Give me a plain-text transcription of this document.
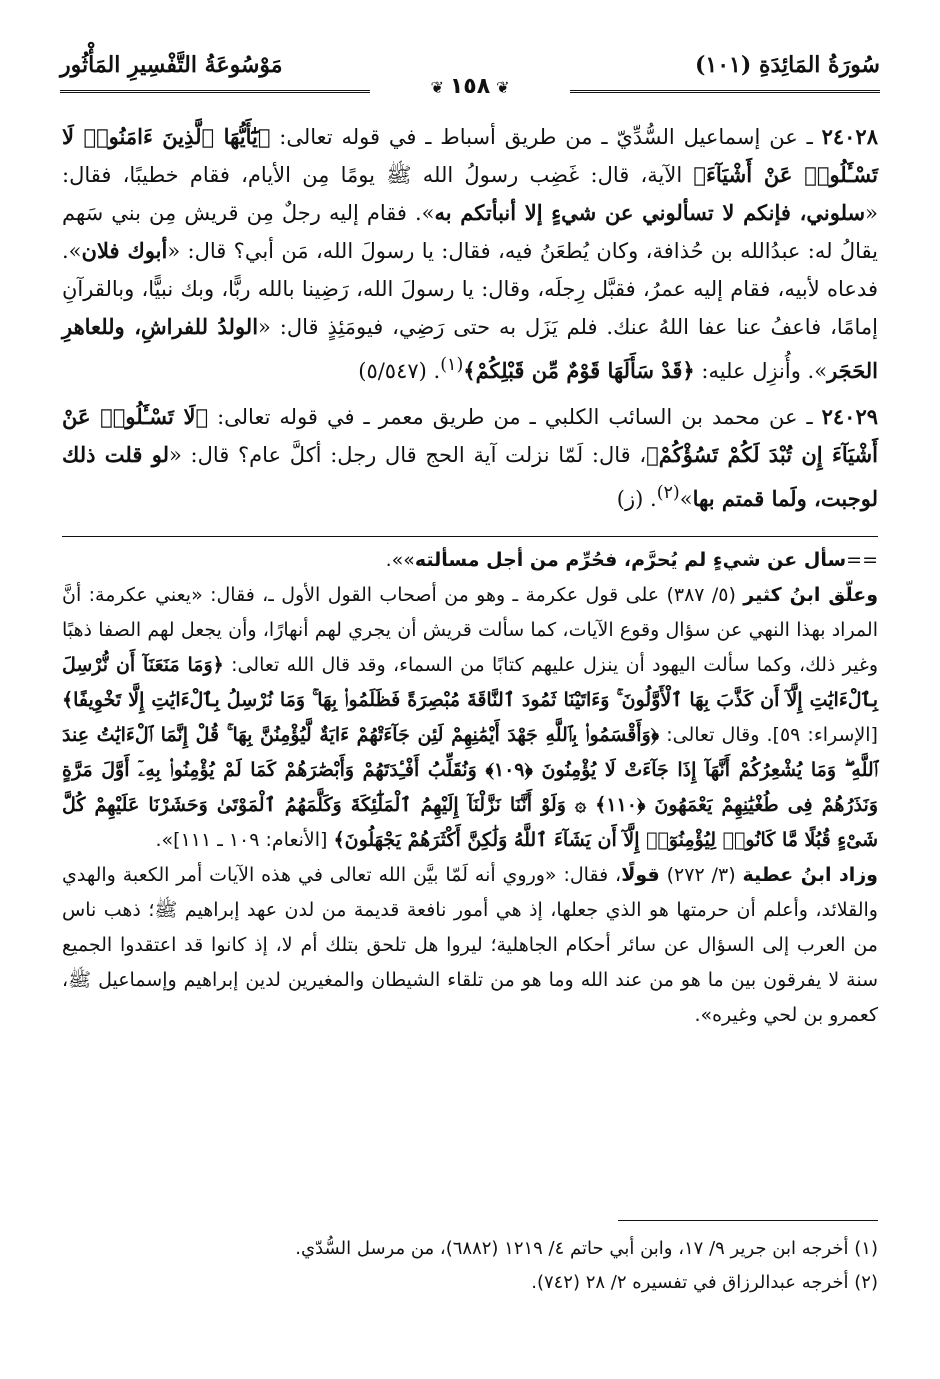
سُورَةُ المَائِدَةِ (١٠١)
مَوْسُوعَةُ التَّفْسِيرِ المَأْثُور
❦١٥٨❦

٢٤٠٢٨ ـ عن إسماعيل السُّدِّيّ ـ من طريق أسباط ـ في قوله تعالى: ﴿يَٰٓأَيُّهَا ٱلَّذِينَ ءَامَنُوا۟ لَا تَسْـَٔلُوا۟ عَنْ أَشْيَآءَ﴾ الآية، قال: غَضِب رسولُ الله ﷺ يومًا مِن الأيام، فقام خطيبًا، فقال: «سلوني، فإنكم لا تسألوني عن شيءٍ إلا أنبأتكم به». فقام إليه رجلٌ مِن قريش مِن بني سَهم يقالُ له: عبدُالله بن حُذافة، وكان يُطعَنُ فيه، فقال: يا رسولَ الله، مَن أبي؟ قال: «أبوك فلان». فدعاه لأبيه، فقام إليه عمرُ، فقبَّل رِجلَه، وقال: يا رسولَ الله، رَضِينا بالله ربًّا، وبك نبيًّا، وبالقرآنِ إمامًا، فاعفُ عنا عفا اللهُ عنك. فلم يَزَل به حتى رَضِي، فيومَئِذٍ قال: «الولدُ للفراشِ، وللعاهرِ الحَجَر». وأُنزِل عليه: ﴿قَدْ سَأَلَهَا قَوْمٌ مِّن قَبْلِكُمْ﴾$^{(١)}$. (٥/٥٤٧)

٢٤٠٢٩ ـ عن محمد بن السائب الكلبي ـ من طريق معمر ـ في قوله تعالى: ﴿لَا تَسْـَٔلُوا۟ عَنْ أَشْيَآءَ إِن تُبْدَ لَكُمْ تَسُؤْكُمْ﴾، قال: لَمّا نزلت آية الحج قال رجل: أكلَّ عام؟ قال: «لو قلت ذلك لوجبت، ولَما قمتم بها»$^{(٢)}$. (ز)

==سأل عن شيءٍ لم يُحرَّم، فحُرِّم من أجل مسألته»».

وعلّق ابنُ كثير (٥/ ٣٨٧) على قول عكرمة ـ وهو من أصحاب القول الأول ـ، فقال: «يعني عكرمة: أنَّ المراد بهذا النهي عن سؤال وقوع الآيات، كما سألت قريش أن يجري لهم أنهارًا، وأن يجعل لهم الصفا ذهبًا وغير ذلك، وكما سألت اليهود أن ينزل عليهم كتابًا من السماء، وقد قال الله تعالى: ﴿وَمَا مَنَعَنَآ أَن نُّرْسِلَ بِٱلْءَايَٰتِ إِلَّآ أَن كَذَّبَ بِهَا ٱلْأَوَّلُونَ ۚ وَءَاتَيْنَا ثَمُودَ ٱلنَّاقَةَ مُبْصِرَةً فَظَلَمُوا۟ بِهَا ۚ وَمَا نُرْسِلُ بِٱلْءَايَٰتِ إِلَّا تَخْوِيفًا﴾ [الإسراء: ٥٩]. وقال تعالى: ﴿وَأَقْسَمُوا۟ بِٱللَّهِ جَهْدَ أَيْمَٰنِهِمْ لَئِن جَآءَتْهُمْ ءَايَةٌ لَّيُؤْمِنُنَّ بِهَا ۚ قُلْ إِنَّمَا ٱلْءَايَٰتُ عِندَ ٱللَّهِ ۖ وَمَا يُشْعِرُكُمْ أَنَّهَآ إِذَا جَآءَتْ لَا يُؤْمِنُونَ ﴿١٠٩﴾ وَنُقَلِّبُ أَفْـِٔدَتَهُمْ وَأَبْصَٰرَهُمْ كَمَا لَمْ يُؤْمِنُوا۟ بِهِۦٓ أَوَّلَ مَرَّةٍ وَنَذَرُهُمْ فِى طُغْيَٰنِهِمْ يَعْمَهُونَ ﴿١١٠﴾ ۞ وَلَوْ أَنَّنَا نَزَّلْنَآ إِلَيْهِمُ ٱلْمَلَٰٓئِكَةَ وَكَلَّمَهُمُ ٱلْمَوْتَىٰ وَحَشَرْنَا عَلَيْهِمْ كُلَّ شَىْءٍ قُبُلًا مَّا كَانُوا۟ لِيُؤْمِنُوٓا۟ إِلَّآ أَن يَشَآءَ ٱللَّهُ وَلَٰكِنَّ أَكْثَرَهُمْ يَجْهَلُونَ﴾ [الأنعام: ١٠٩ ـ ١١١]».

وزاد ابنُ عطية (٣/ ٢٧٢) قولًا، فقال: «وروي أنه لَمّا بيَّن الله تعالى في هذه الآيات أمر الكعبة والهدي والقلائد، وأعلم أن حرمتها هو الذي جعلها، إذ هي أمور نافعة قديمة من لدن عهد إبراهيم ﷺ؛ ذهب ناس من العرب إلى السؤال عن سائر أحكام الجاهلية؛ ليروا هل تلحق بتلك أم لا، إذ كانوا قد اعتقدوا الجميع سنة لا يفرقون بين ما هو من عند الله وما هو من تلقاء الشيطان والمغيرين لدين إبراهيم وإسماعيل ﷺ، كعمرو بن لحي وغيره».

(١) أخرجه ابن جرير ٩/ ١٧، وابن أبي حاتم ٤/ ١٢١٩ (٦٨٨٢)، من مرسل السُّدّي.

(٢) أخرجه عبدالرزاق في تفسيره ٢/ ٢٨ (٧٤٢).
